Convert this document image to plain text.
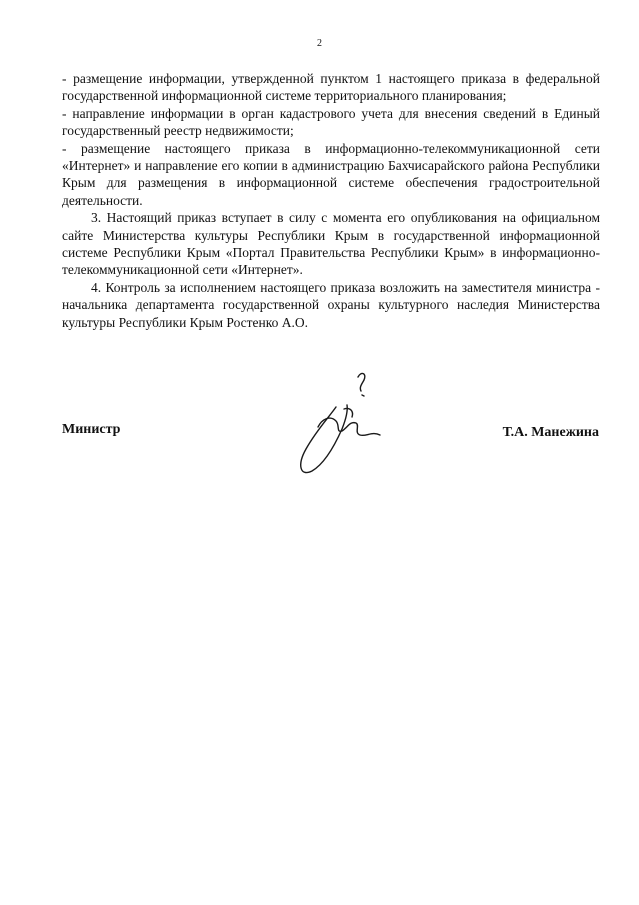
2

- размещение информации, утвержденной пунктом 1 настоящего приказа в федеральной государственной информационной системе территориального планирования;

- направление информации в орган кадастрового учета для внесения сведений в Единый государственный реестр недвижимости;

- размещение настоящего приказа в информационно-телекоммуникационной сети «Интернет» и направление его копии в администрацию Бахчисарайского района Республики Крым для размещения в информационной системе обеспечения градостроительной деятельности.

3. Настоящий приказ вступает в силу с момента его опубликования на официальном сайте Министерства культуры Республики Крым в государственной информационной системе Республики Крым «Портал Правительства Республики Крым» в информационно-телекоммуникационной сети «Интернет».

4. Контроль за исполнением настоящего приказа возложить на заместителя министра - начальника департамента государственной охраны культурного наследия Министерства культуры Республики Крым Ростенко А.О.

Министр	Т.А. Манежина
